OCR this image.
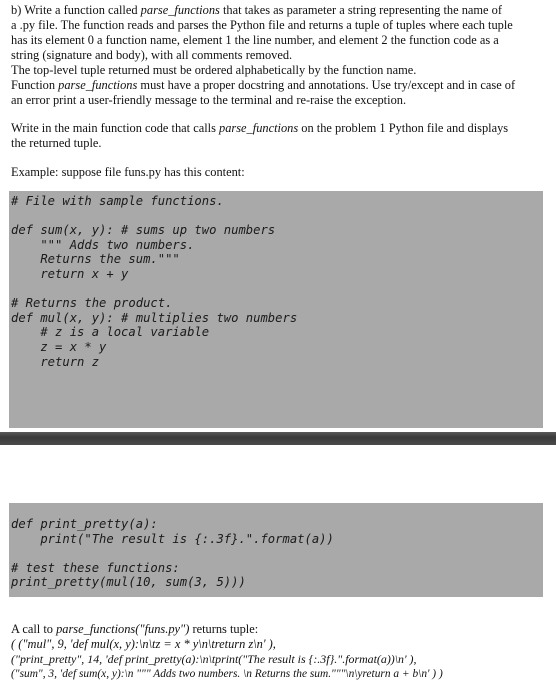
b) Write a function called parse_functions that takes as parameter a string representing the name of
a .py file. The function reads and parses the Python file and returns a tuple of tuples where each tuple
has its element 0 a function name, element 1 the line number, and element 2 the function code as a
string (signature and body), with all comments removed.
The top-level tuple returned must be ordered alphabetically by the function name.
Function parse_functions must have a proper docstring and annotations. Use try/except and in case of
an error print a user-friendly message to the terminal and re-raise the exception.
Write in the main function code that calls parse_functions on the problem 1 Python file and displays
the returned tuple.
Example: suppose file funs.py has this content:
# File with sample functions.

def sum(x, y): # sums up two numbers
""" Adds two numbers.
Returns the sum."""
return x + y

# Returns the product.
def mul(x, y): # multiplies two numbers
# z is a local variable
z = x * y
return z
def print_pretty(a):
print("The result is {:.3f}.".format(a))

# test these functions:
print_pretty(mul(10, sum(3, 5)))
A call to parse_functions("funs.py") returns tuple:
( ("mul", 9, 'def mul(x, y):\n\tz = x * y\n\treturn z\n' ),
("print_pretty", 14, 'def print_pretty(a):\n\tprint("The result is {:.3f}.".format(a))\n' ),
("sum", 3, 'def sum(x, y):\n """ Adds two numbers. \n Returns the sum."""\n\yreturn a + b\n' ) )
